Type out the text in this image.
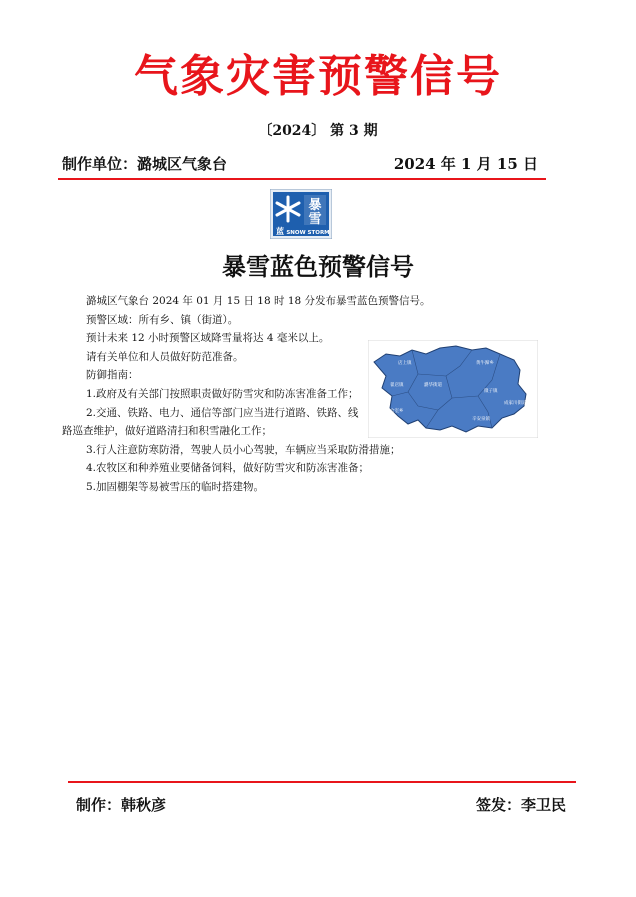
气象灾害预警信号
〔2024〕 第 3 期
制作单位：潞城区气象台	2024 年 1 月 15 日
暴
雪
蓝 SNOW STORM
暴雪蓝色预警信号

潞城区气象台 2024 年 01 月 15 日 18 时 18 分发布暴雪蓝色预警信号。

预警区域：所有乡、镇（街道）。

预计未来 12 小时预警区域降雪量将达 4 毫米以上。

请有关单位和人员做好防范准备。

防御指南：

1.政府及有关部门按照职责做好防雪灾和防冻害准备工作；

2.交通、铁路、电力、通信等部门应当进行道路、铁路、线路巡查维护，做好道路清扫和积雪融化工作；

3.行人注意防寒防滑，驾驶人员小心驾驶，车辆应当采取防滑措施；

4.农牧区和种养殖业要储备饲料，做好防雪灾和防冻害准备；

5.加固棚架等易被雪压的临时搭建物。

店上镇	黄牛蹄乡
潞华街道
翟店镇
微子镇
成家川街道
合室乡
辛安泉镇
制作：韩秋彦	签发：李卫民
